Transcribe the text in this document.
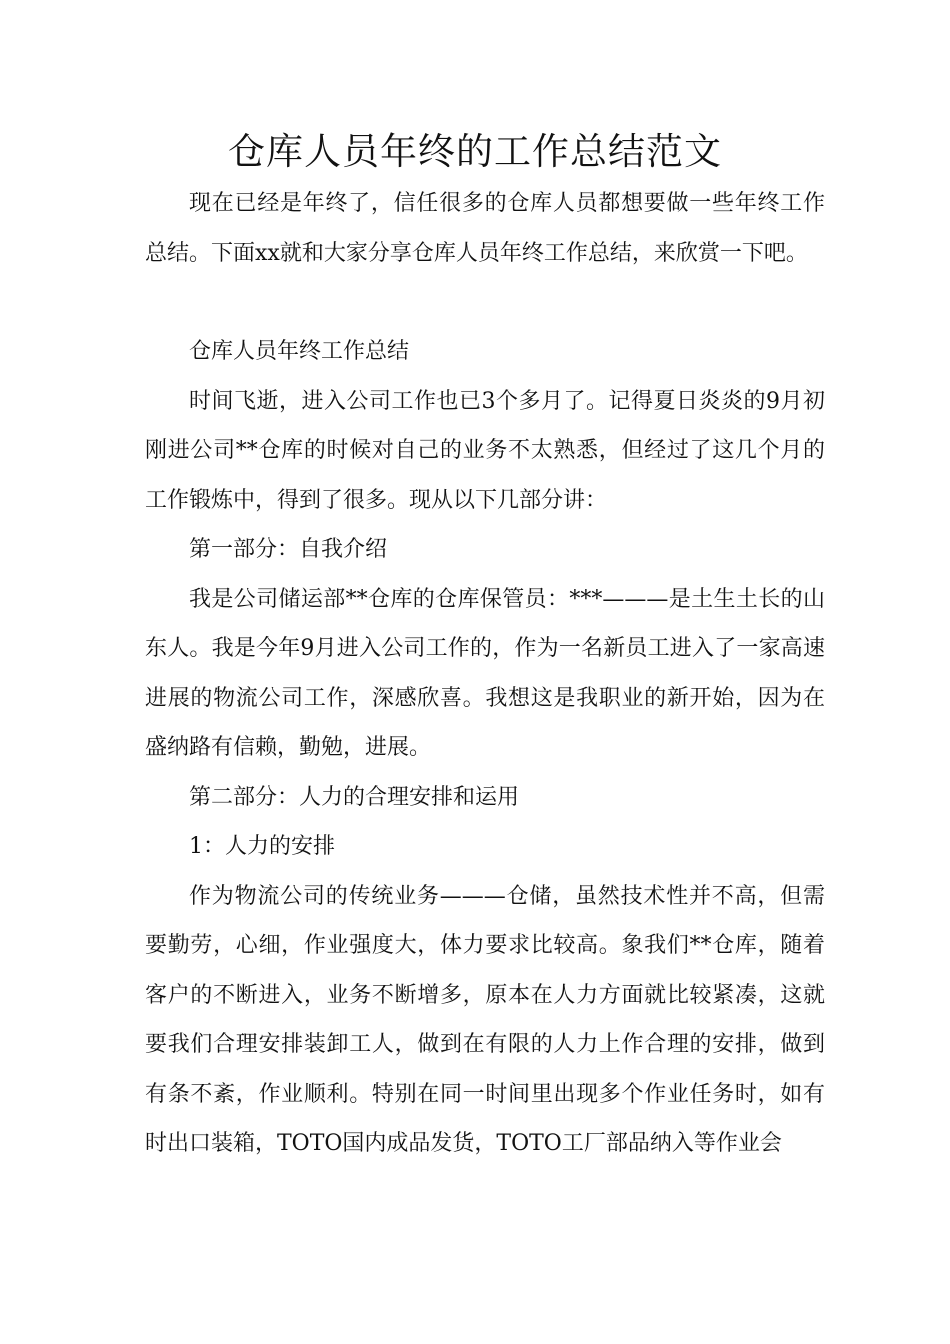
仓库人员年终的工作总结范文

现在已经是年终了，信任很多的仓库人员都想要做一些年终工作总结。下面xx就和大家分享仓库人员年终工作总结，来欣赏一下吧。

仓库人员年终工作总结

时间飞逝，进入公司工作也已3个多月了。记得夏日炎炎的9月初刚进公司**仓库的时候对自己的业务不太熟悉，但经过了这几个月的工作锻炼中，得到了很多。现从以下几部分讲：

第一部分：自我介绍

我是公司储运部**仓库的仓库保管员：***———是土生土长的山东人。我是今年9月进入公司工作的，作为一名新员工进入了一家高速进展的物流公司工作，深感欣喜。我想这是我职业的新开始，因为在盛纳路有信赖，勤勉，进展。

第二部分：人力的合理安排和运用

1：人力的安排

作为物流公司的传统业务———仓储，虽然技术性并不高，但需要勤劳，心细，作业强度大，体力要求比较高。象我们**仓库，随着客户的不断进入，业务不断增多，原本在人力方面就比较紧凑，这就要我们合理安排装卸工人，做到在有限的人力上作合理的安排，做到有条不紊，作业顺利。特别在同一时间里出现多个作业任务时，如有时出口装箱，TOTO国内成品发货，TOTO工厂部品纳入等作业会
